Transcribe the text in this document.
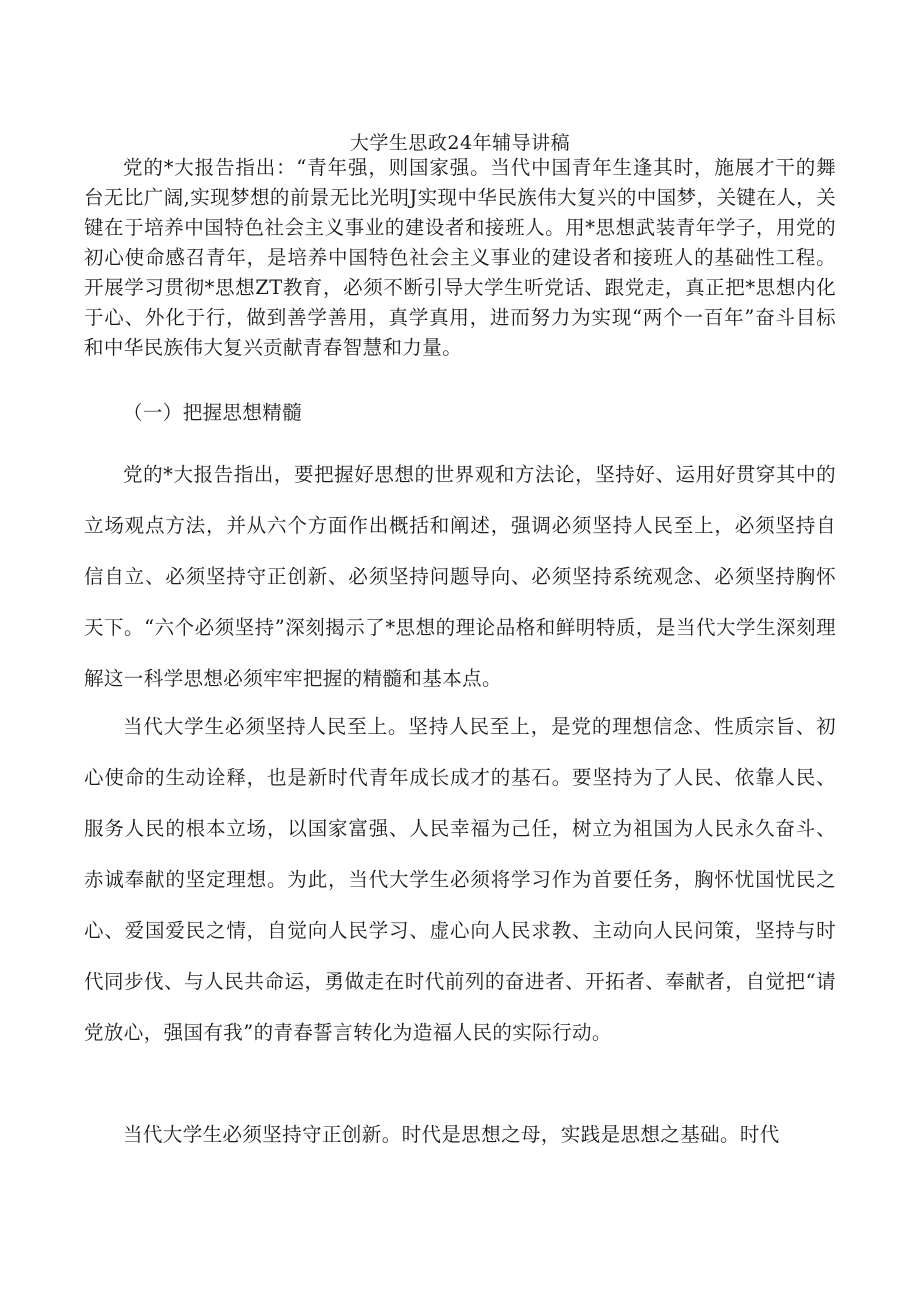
大学生思政24年辅导讲稿

党的*大报告指出：“青年强，则国家强。当代中国青年生逢其时，施展才干的舞台无比广阔,实现梦想的前景无比光明J实现中华民族伟大复兴的中国梦，关键在人，关键在于培养中国特色社会主义事业的建设者和接班人。用*思想武装青年学子，用党的初心使命感召青年，是培养中国特色社会主义事业的建设者和接班人的基础性工程。开展学习贯彻*思想ZT教育，必须不断引导大学生听党话、跟党走，真正把*思想内化于心、外化于行，做到善学善用，真学真用，进而努力为实现“两个一百年”奋斗目标和中华民族伟大复兴贡献青春智慧和力量。

（一）把握思想精髓

党的*大报告指出，要把握好思想的世界观和方法论，坚持好、运用好贯穿其中的立场观点方法，并从六个方面作出概括和阐述，强调必须坚持人民至上，必须坚持自信自立、必须坚持守正创新、必须坚持问题导向、必须坚持系统观念、必须坚持胸怀天下。“六个必须坚持”深刻揭示了*思想的理论品格和鲜明特质，是当代大学生深刻理解这一科学思想必须牢牢把握的精髓和基本点。

当代大学生必须坚持人民至上。坚持人民至上，是党的理想信念、性质宗旨、初心使命的生动诠释，也是新时代青年成长成才的基石。要坚持为了人民、依靠人民、服务人民的根本立场，以国家富强、人民幸福为己任，树立为祖国为人民永久奋斗、赤诚奉献的坚定理想。为此，当代大学生必须将学习作为首要任务，胸怀忧国忧民之心、爱国爱民之情，自觉向人民学习、虚心向人民求教、主动向人民问策，坚持与时代同步伐、与人民共命运，勇做走在时代前列的奋进者、开拓者、奉献者，自觉把“请党放心，强国有我”的青春誓言转化为造福人民的实际行动。

当代大学生必须坚持守正创新。时代是思想之母，实践是思想之基础。时代
